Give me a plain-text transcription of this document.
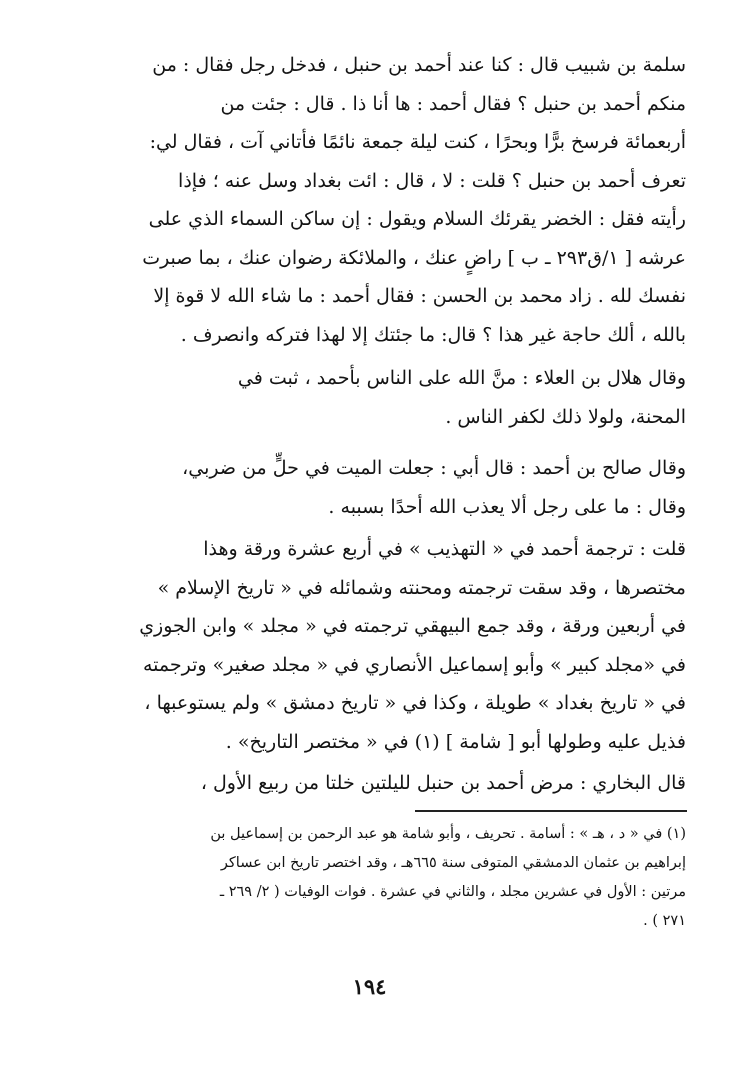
سلمة بن شبيب قال : كنا عند أحمد بن حنبل ، فدخل رجل فقال : من
منكم أحمد بن حنبل ؟ فقال أحمد : ها أنا ذا . قال : جئت من
أربعمائة فرسخ برًّا وبحرًا ، كنت ليلة جمعة نائمًا فأتاني آت ، فقال لي:
تعرف أحمد بن حنبل ؟ قلت : لا ، قال : ائت بغداد وسل عنه ؛ فإذا
رأيته فقل : الخضر يقرئك السلام ويقول : إن ساكن السماء الذي على
عرشه [ ١/ق٢٩٣ ـ ب ] راضٍ عنك ، والملائكة رضوان عنك ، بما صبرت
نفسك لله . زاد محمد بن الحسن : فقال أحمد : ما شاء الله لا قوة إلا
بالله ، ألك حاجة غير هذا ؟ قال: ما جئتك إلا لهذا فتركه وانصرف .

وقال هلال بن العلاء : منَّ الله على الناس بأحمد ، ثبت في
المحنة، ولولا ذلك لكفر الناس .

وقال صالح بن أحمد : قال أبي : جعلت الميت في حلٍّ من ضربي،
وقال : ما على رجل ألا يعذب الله أحدًا بسببه .

قلت : ترجمة أحمد في « التهذيب » في أربع عشرة ورقة وهذا
مختصرها ، وقد سقت ترجمته ومحنته وشمائله في « تاريخ الإسلام »
في أربعين ورقة ، وقد جمع البيهقي ترجمته في « مجلد » وابن الجوزي
في «مجلد كبير » وأبو إسماعيل الأنصاري في « مجلد صغير» وترجمته
في « تاريخ بغداد » طويلة ، وكذا في « تاريخ دمشق » ولم يستوعبها ،
فذيل عليه وطولها أبو [ شامة ] (١) في « مختصر التاريخ» .

قال البخاري : مرض أحمد بن حنبل لليلتين خلتا من ربيع الأول ،

(١) في « د ، هـ » : أسامة . تحريف ، وأبو شامة هو عبد الرحمن بن إسماعيل بن
إبراهيم بن عثمان الدمشقي المتوفى سنة ٦٦٥هـ ، وقد اختصر تاريخ ابن عساكر
مرتين : الأول في عشرين مجلد ، والثاني في عشرة . فوات الوفيات ( ٢/ ٢٦٩ ـ
٢٧١ ) .
١٩٤
